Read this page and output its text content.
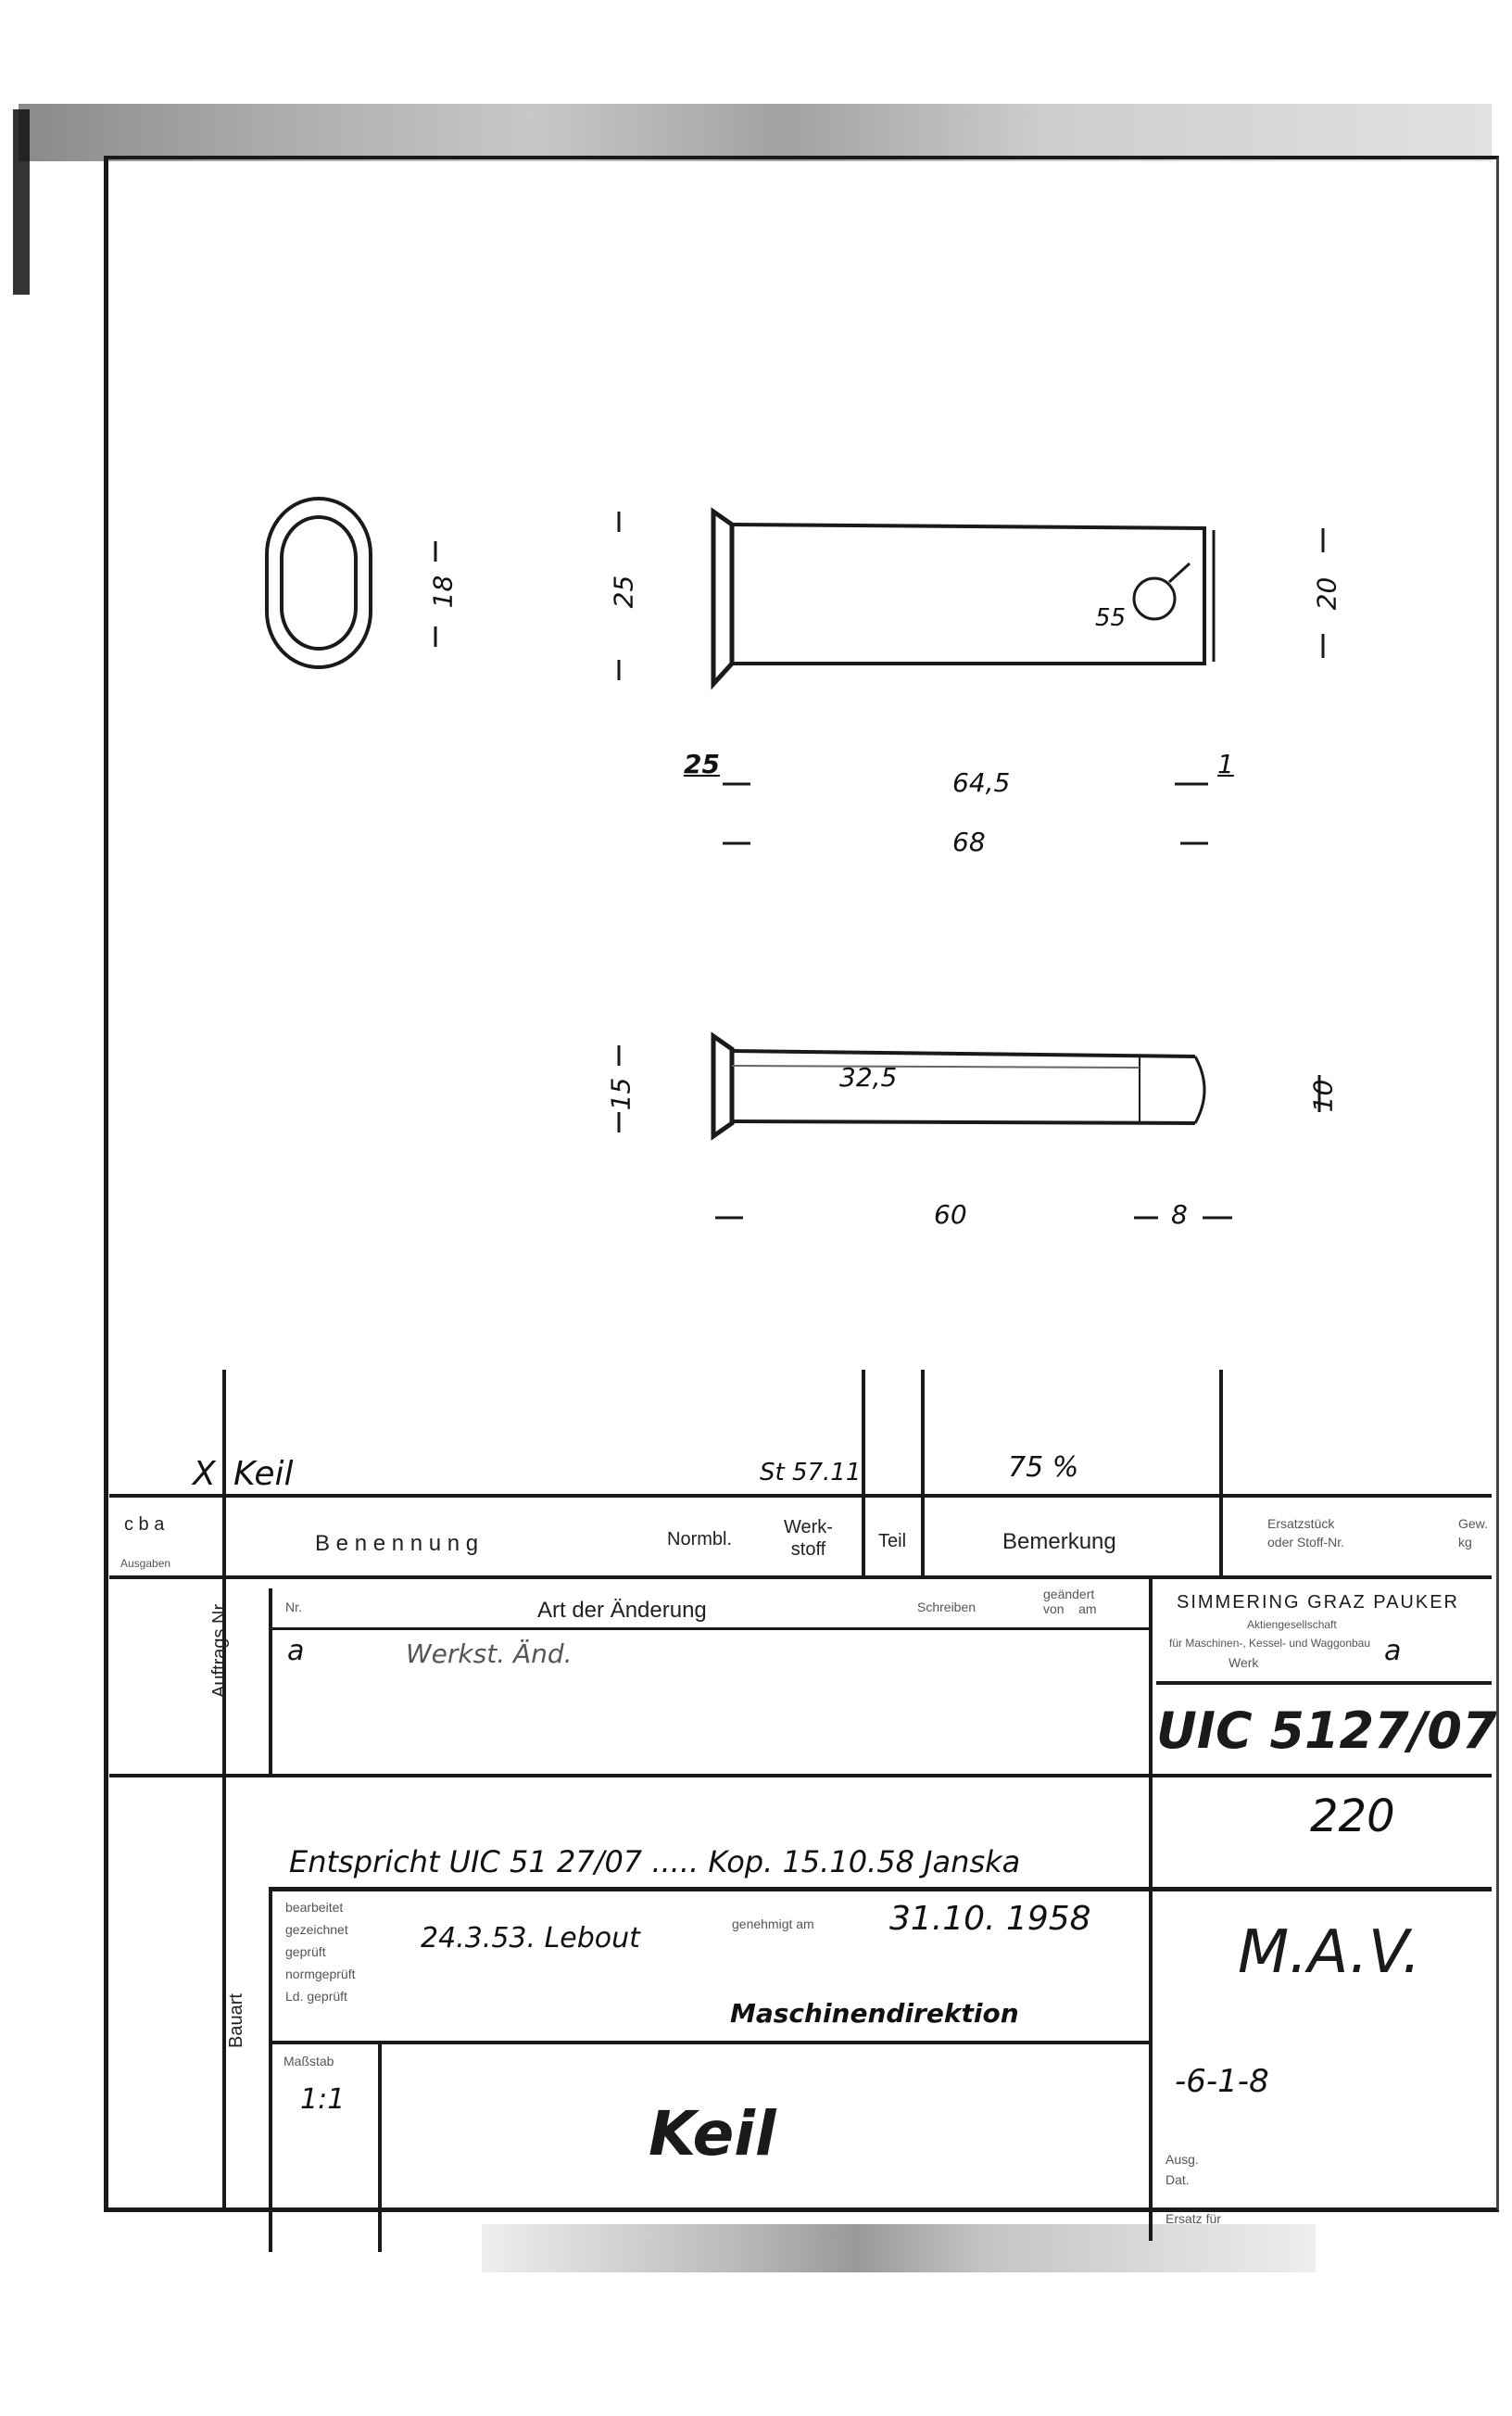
18	25	20
55
25
64,5
1
68
15
32,5
10
60	8
X Keil	St 57.11	75 %
c b a
Ausgaben
B e n e n n u n g	Normbl.
Werk-
stoff	Teil	Bemerkung
Ersatzstück
oder Stoff-Nr.
Gew.
kg
Auftrags Nr.	Nr.	Art der Änderung	Schreiben
geändert
von    am
a	Werkst. Änd.
SIMMERING GRAZ PAUKER
Aktiengesellschaft
für Maschinen-, Kessel- und Waggonbau
Werk	a
UIC 5127/07
220
Entspricht UIC 51 27/07 ..... Kop. 15.10.58 Janska
Bauart
bearbeitet
gezeichnet
geprüft
normgeprüft
Ld. geprüft
24.3.53. Lebout	genehmigt am 31.10. 1958
Maschinendirektion
M.A.V.
-6-1-8
Maßstab
1:1	Keil	Ausg.
Dat.
Ersatz für
